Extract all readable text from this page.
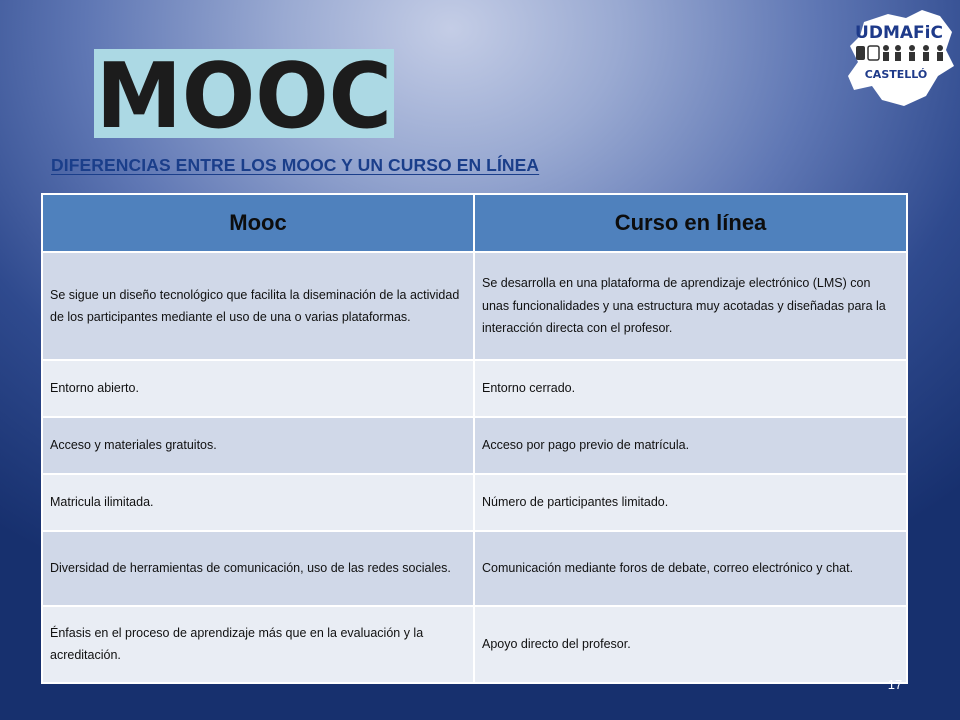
MOOC
UDMAFiC
CASTELLÓ
DIFERENCIAS ENTRE LOS MOOC Y UN CURSO EN LÍNEA
Mooc	Curso en línea
Se sigue un diseño tecnológico que facilita la diseminación de la actividad de los participantes mediante el uso de una o varias plataformas.	Se desarrolla en una plataforma de aprendizaje electrónico (LMS) con unas funcionalidades y una estructura muy acotadas y diseñadas para la interacción directa con el profesor.
Entorno abierto.	Entorno cerrado.
Acceso y materiales gratuitos.	Acceso por pago previo de matrícula.
Matricula ilimitada.	Número de participantes limitado.
Diversidad de herramientas de comunicación, uso de las redes sociales.	Comunicación mediante foros de debate, correo electrónico y chat.
Énfasis en el proceso de aprendizaje más que en la evaluación y la acreditación.	Apoyo directo del profesor.
17
